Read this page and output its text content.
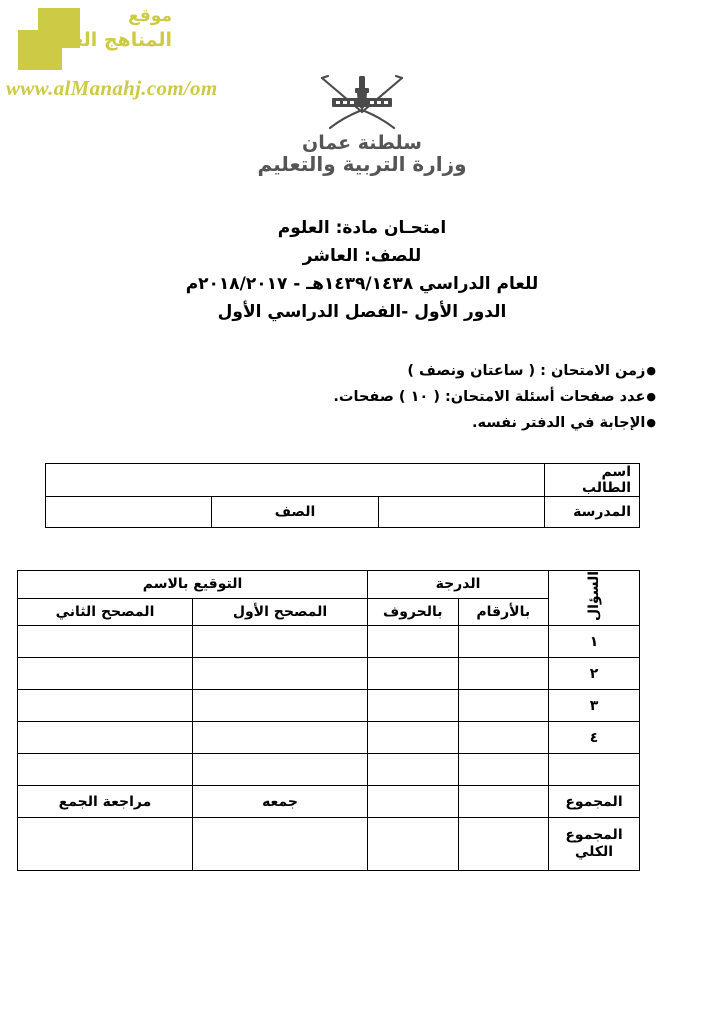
موقع
المناهج العمانية
www.alManahj.com/om
سلطنة عمان
وزارة التربية والتعليم
امتحـان مادة: العلوم
للصف: العاشر
للعام الدراسي ١٤٣٩/١٤٣٨هـ - ٢٠١٨/٢٠١٧م
الدور الأول -الفصل الدراسي الأول
● زمن الامتحان : ( ساعتان ونصف )
● عدد صفحات أسئلة الامتحان: ( ١٠ ) صفحات.
● الإجابة في الدفتر نفسه.
اسم الطالب			
المدرسة		الصف	
السؤال	الدرجة		التوقيع بالاسم	
	بالأرقام	بالحروف	المصحح الأول	المصحح الثاني
١				
٢				
٣				
٤				

المجموع			جمعه	مراجعة الجمع

المجموع
الكلي				
